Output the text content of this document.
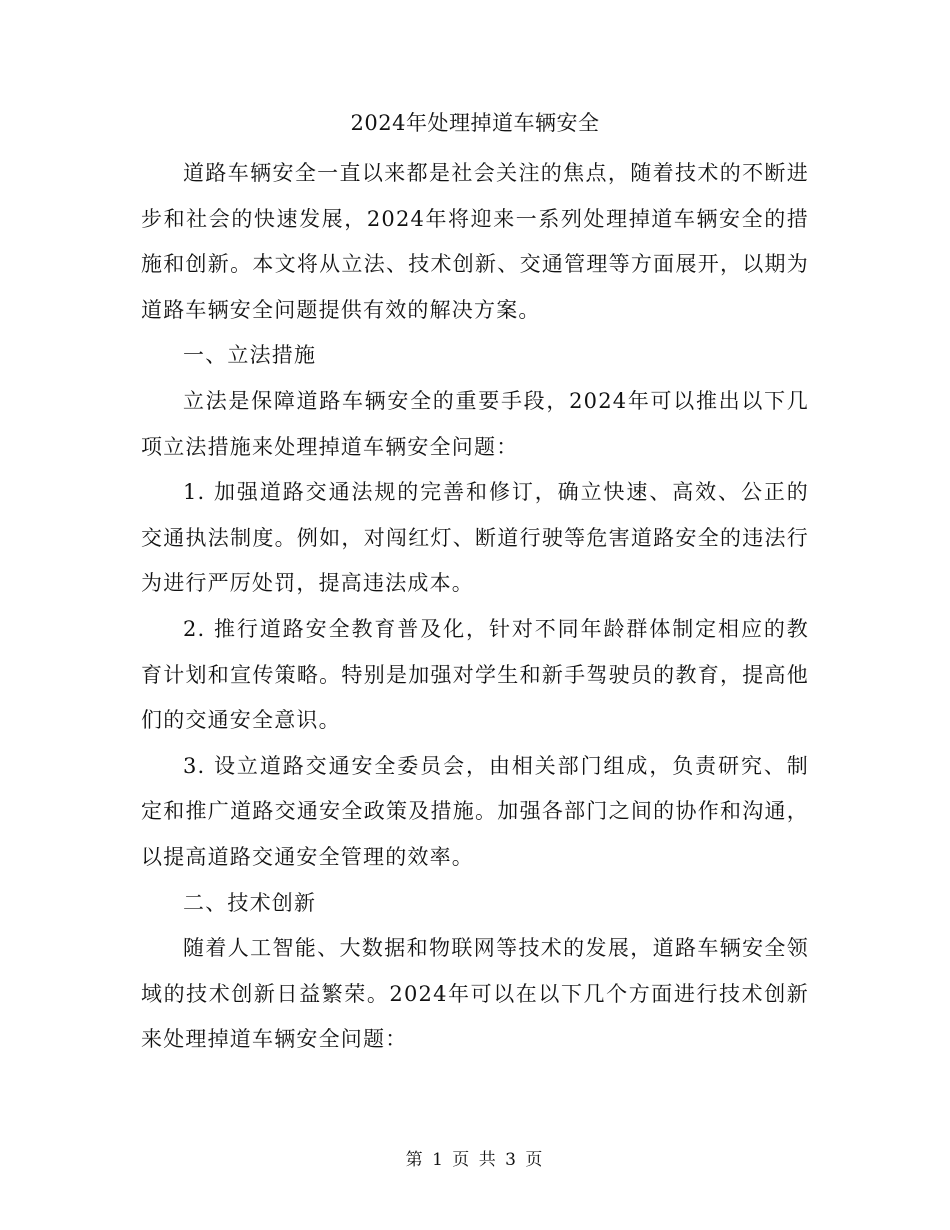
2024年处理掉道车辆安全

道路车辆安全一直以来都是社会关注的焦点，随着技术的不断进步和社会的快速发展，2024年将迎来一系列处理掉道车辆安全的措施和创新。本文将从立法、技术创新、交通管理等方面展开，以期为道路车辆安全问题提供有效的解决方案。

一、立法措施

立法是保障道路车辆安全的重要手段，2024年可以推出以下几项立法措施来处理掉道车辆安全问题：

1. 加强道路交通法规的完善和修订，确立快速、高效、公正的交通执法制度。例如，对闯红灯、断道行驶等危害道路安全的违法行为进行严厉处罚，提高违法成本。

2. 推行道路安全教育普及化，针对不同年龄群体制定相应的教育计划和宣传策略。特别是加强对学生和新手驾驶员的教育，提高他们的交通安全意识。

3. 设立道路交通安全委员会，由相关部门组成，负责研究、制定和推广道路交通安全政策及措施。加强各部门之间的协作和沟通，以提高道路交通安全管理的效率。

二、技术创新

随着人工智能、大数据和物联网等技术的发展，道路车辆安全领域的技术创新日益繁荣。2024年可以在以下几个方面进行技术创新来处理掉道车辆安全问题：

第 1 页 共 3 页
